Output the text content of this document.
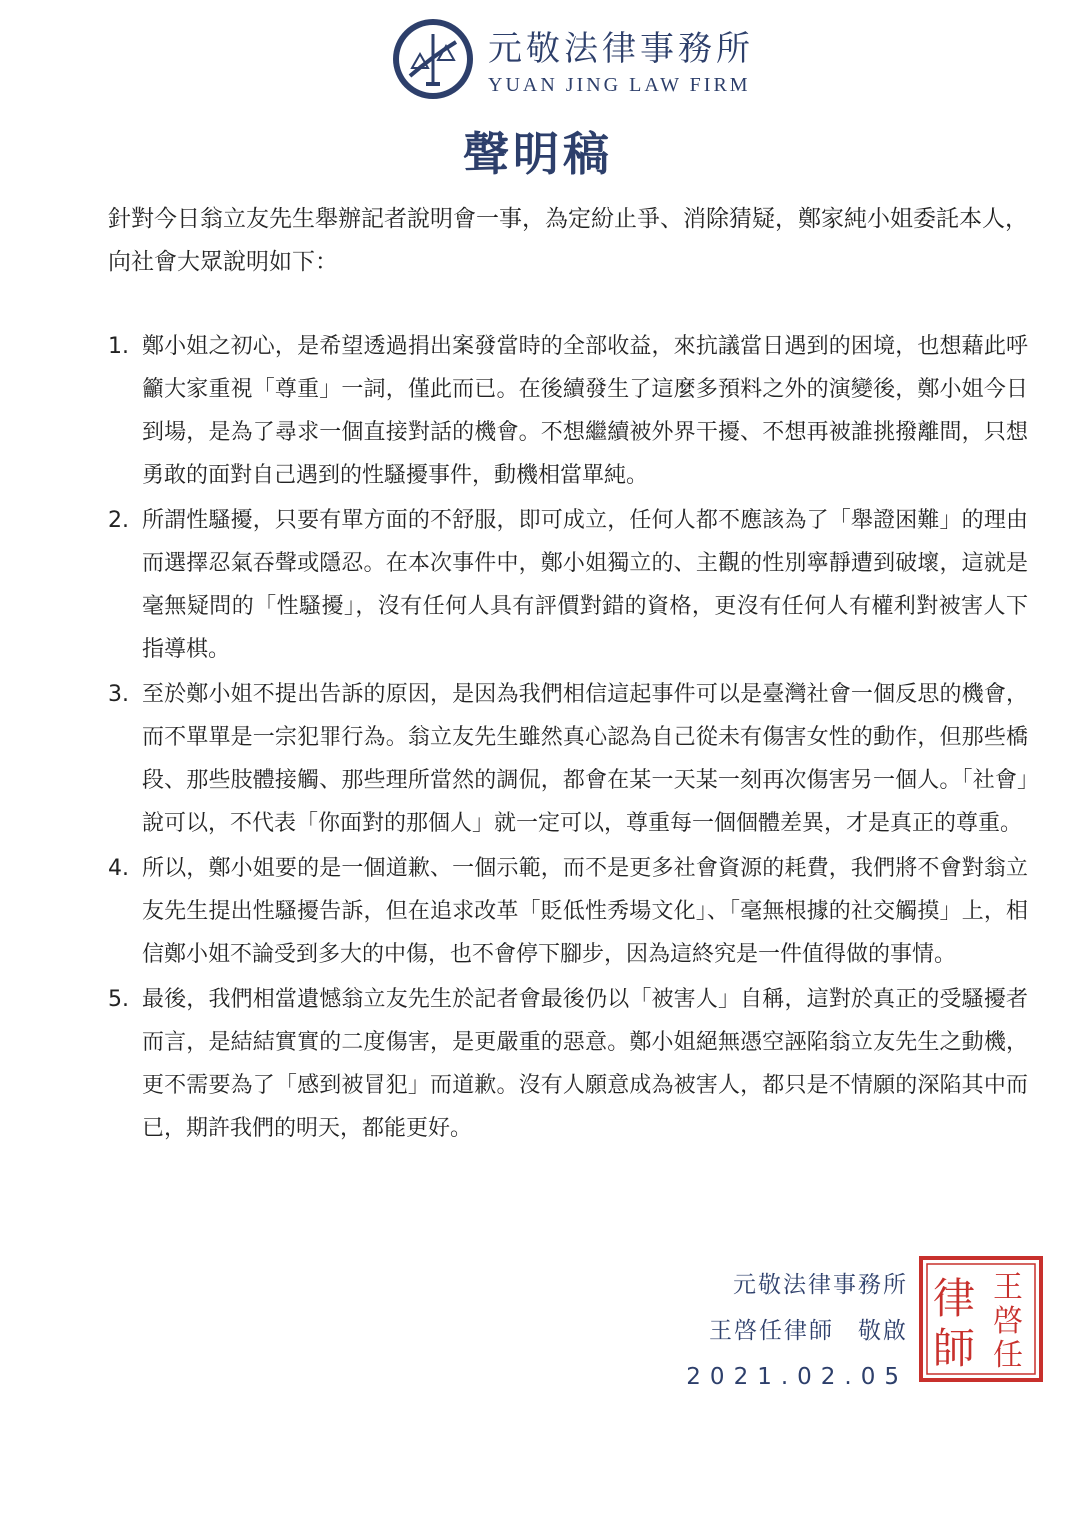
元敬法律事務所
YUAN JING LAW FIRM
聲明稿
針對今日翁立友先生舉辦記者說明會一事，為定紛止爭、消除猜疑，鄭家純小姐委託本人，向社會大眾說明如下：
1. 鄭小姐之初心，是希望透過捐出案發當時的全部收益，來抗議當日遇到的困境，也想藉此呼籲大家重視「尊重」一詞，僅此而已。在後續發生了這麼多預料之外的演變後，鄭小姐今日到場，是為了尋求一個直接對話的機會。不想繼續被外界干擾、不想再被誰挑撥離間，只想勇敢的面對自己遇到的性騷擾事件，動機相當單純。
2. 所謂性騷擾，只要有單方面的不舒服，即可成立，任何人都不應該為了「舉證困難」的理由而選擇忍氣吞聲或隱忍。在本次事件中，鄭小姐獨立的、主觀的性別寧靜遭到破壞，這就是毫無疑問的「性騷擾」，沒有任何人具有評價對錯的資格，更沒有任何人有權利對被害人下指導棋。
3. 至於鄭小姐不提出告訴的原因，是因為我們相信這起事件可以是臺灣社會一個反思的機會，而不單單是一宗犯罪行為。翁立友先生雖然真心認為自己從未有傷害女性的動作，但那些橋段、那些肢體接觸、那些理所當然的調侃，都會在某一天某一刻再次傷害另一個人。「社會」說可以，不代表「你面對的那個人」就一定可以，尊重每一個個體差異，才是真正的尊重。
4. 所以，鄭小姐要的是一個道歉、一個示範，而不是更多社會資源的耗費，我們將不會對翁立友先生提出性騷擾告訴，但在追求改革「貶低性秀場文化」、「毫無根據的社交觸摸」上，相信鄭小姐不論受到多大的中傷，也不會停下腳步，因為這終究是一件值得做的事情。
5. 最後，我們相當遺憾翁立友先生於記者會最後仍以「被害人」自稱，這對於真正的受騷擾者而言，是結結實實的二度傷害，是更嚴重的惡意。鄭小姐絕無憑空誣陷翁立友先生之動機，更不需要為了「感到被冒犯」而道歉。沒有人願意成為被害人，都只是不情願的深陷其中而已，期許我們的明天，都能更好。
元敬法律事務所
王啓任律師 敬啟
2021.02.05
律
師
王
啓
任
